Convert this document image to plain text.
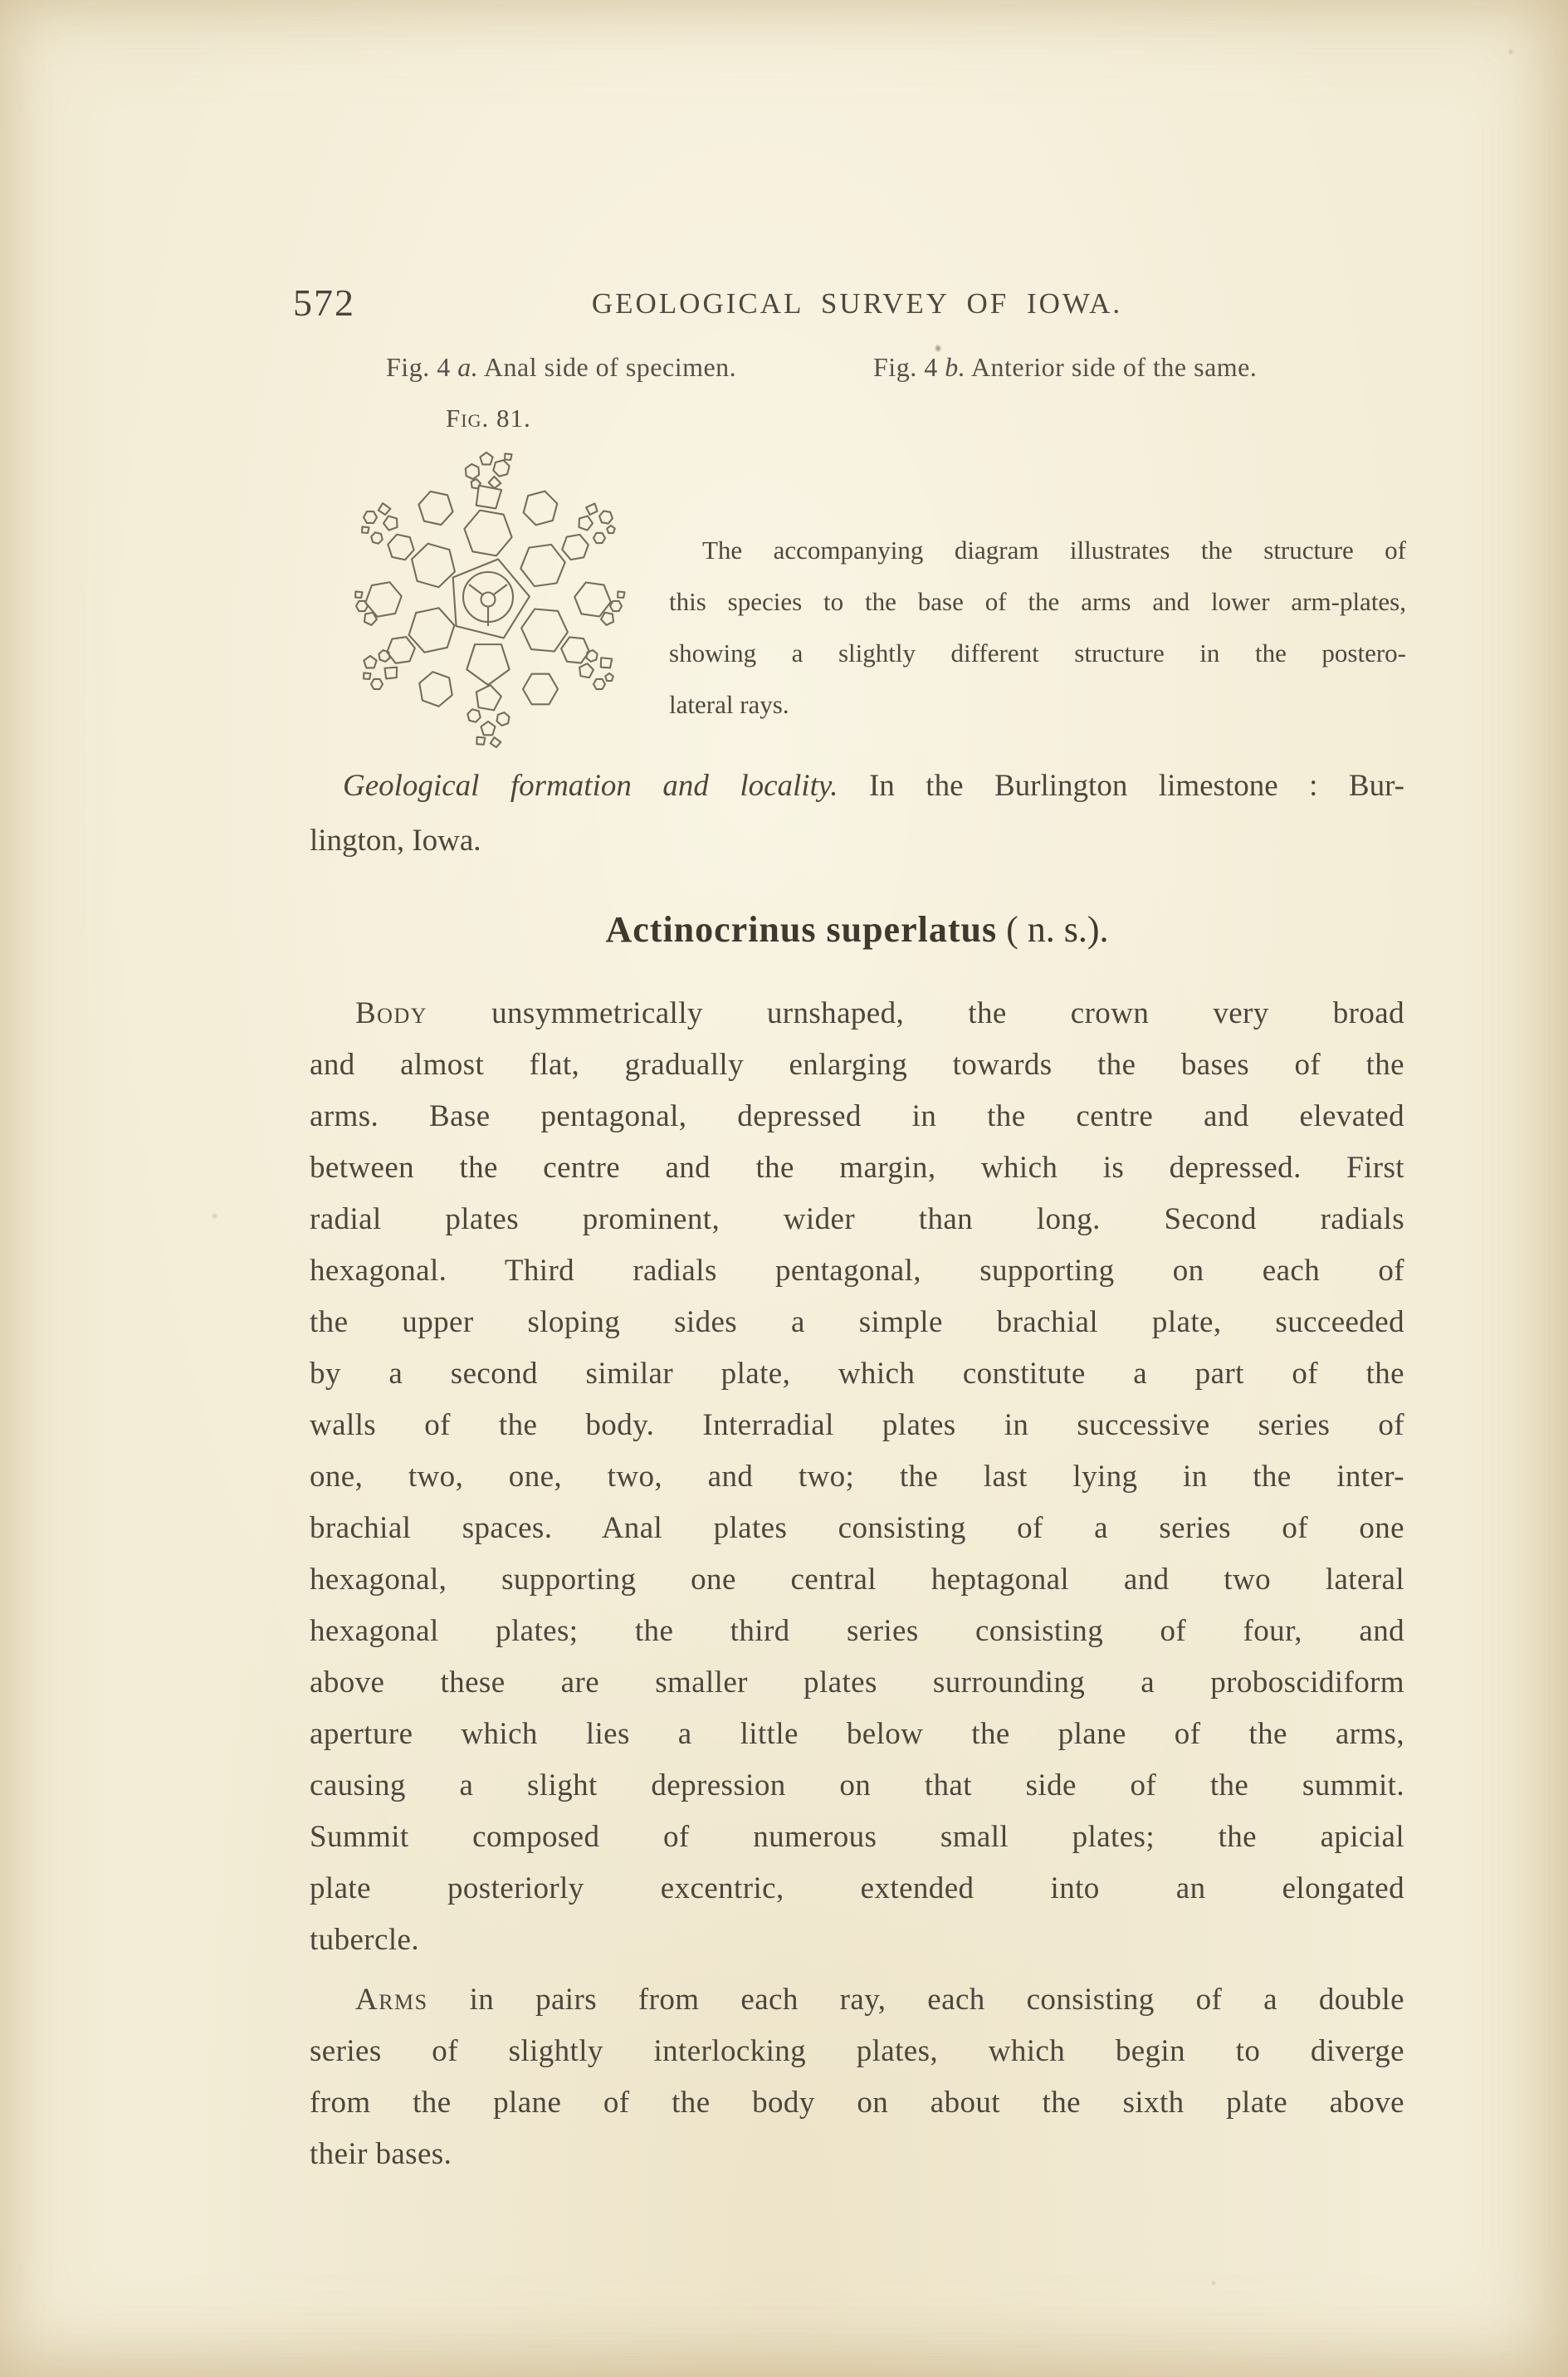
572	GEOLOGICAL SURVEY OF IOWA.
Fig. 4 a. Anal side of specimen.	Fig. 4 b. Anterior side of the same.
Fig. 81.
The accompanying diagram illustrates the structure of
this species to the base of the arms and lower arm-plates,
showing a slightly different structure in the postero-
lateral rays.
Geological formation and locality. In the Burlington limestone : Bur-
lington, Iowa.
Actinocrinus superlatus ( n. s.).
Body unsymmetrically urnshaped, the crown very broad
and almost flat, gradually enlarging towards the bases of the
arms. Base pentagonal, depressed in the centre and elevated
between the centre and the margin, which is depressed. First
radial plates prominent, wider than long. Second radials
hexagonal. Third radials pentagonal, supporting on each of
the upper sloping sides a simple brachial plate, succeeded
by a second similar plate, which constitute a part of the
walls of the body. Interradial plates in successive series of
one, two, one, two, and two; the last lying in the inter-
brachial spaces. Anal plates consisting of a series of one
hexagonal, supporting one central heptagonal and two lateral
hexagonal plates; the third series consisting of four, and
above these are smaller plates surrounding a proboscidiform
aperture which lies a little below the plane of the arms,
causing a slight depression on that side of the summit.
Summit composed of numerous small plates; the apicial
plate posteriorly excentric, extended into an elongated
tubercle.
Arms in pairs from each ray, each consisting of a double
series of slightly interlocking plates, which begin to diverge
from the plane of the body on about the sixth plate above
their bases.
